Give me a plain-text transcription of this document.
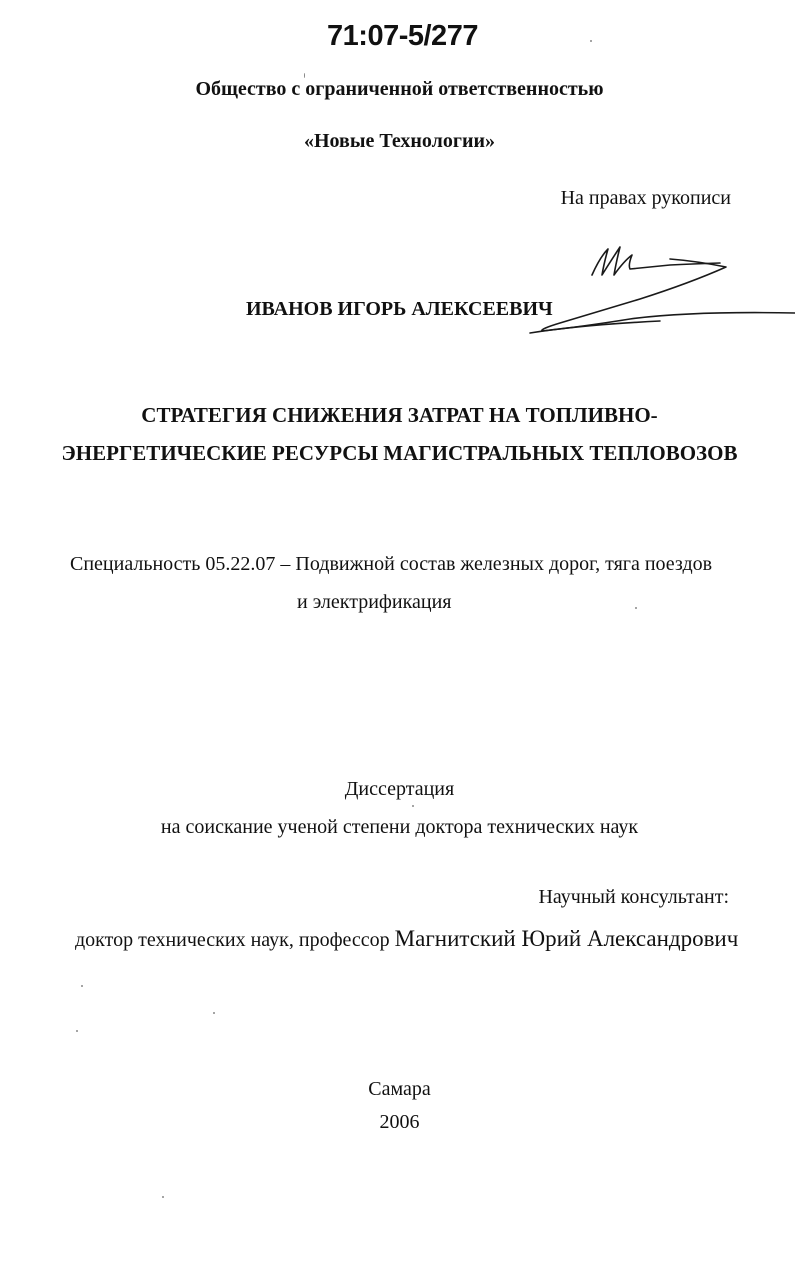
71:07-5/277
Общество с ограниченной ответственностью
«Новые Технологии»
На правах рукописи
ИВАНОВ ИГОРЬ АЛЕКСЕЕВИЧ
СТРАТЕГИЯ СНИЖЕНИЯ ЗАТРАТ НА ТОПЛИВНО-
ЭНЕРГЕТИЧЕСКИЕ РЕСУРСЫ МАГИСТРАЛЬНЫХ ТЕПЛОВОЗОВ
Специальность 05.22.07 – Подвижной состав железных дорог, тяга поездов
и электрификация
Диссертация
на соискание ученой степени доктора технических наук
Научный консультант:
доктор технических наук, профессор Магнитский Юрий Александрович
Самара
2006
